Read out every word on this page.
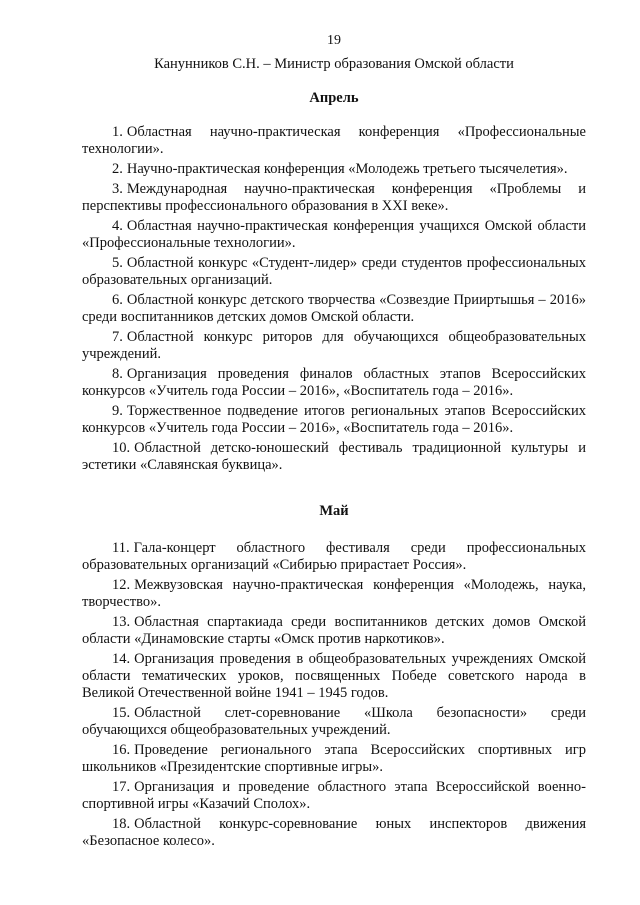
19

Канунников С.Н. – Министр образования Омской области

Апрель
1. Областная научно-практическая конференция «Профессиональные технологии».
2. Научно-практическая конференция «Молодежь третьего тысячелетия».
3. Международная научно-практическая конференция «Проблемы и перспективы профессионального образования в XXI веке».
4. Областная научно-практическая конференция учащихся Омской области «Профессиональные технологии».
5. Областной конкурс «Студент-лидер» среди студентов профессиональных образовательных организаций.
6. Областной конкурс детского творчества «Созвездие Прииртышья – 2016» среди воспитанников детских домов Омской области.
7. Областной конкурс риторов для обучающихся общеобразовательных учреждений.
8. Организация проведения финалов областных этапов Всероссийских конкурсов «Учитель года России – 2016», «Воспитатель года – 2016».
9. Торжественное подведение итогов региональных этапов Всероссийских конкурсов «Учитель года России – 2016», «Воспитатель года – 2016».
10. Областной детско-юношеский фестиваль традиционной культуры и эстетики «Славянская буквица».
Май
11. Гала-концерт областного фестиваля среди профессиональных образовательных организаций «Сибирью прирастает Россия».
12. Межвузовская научно-практическая конференция «Молодежь, наука, творчество».
13. Областная спартакиада среди воспитанников детских домов Омской области «Динамовские старты «Омск против наркотиков».
14. Организация проведения в общеобразовательных учреждениях Омской области тематических уроков, посвященных Победе советского народа в Великой Отечественной войне 1941 – 1945 годов.
15. Областной слет-соревнование «Школа безопасности» среди обучающихся общеобразовательных учреждений.
16. Проведение регионального этапа Всероссийских спортивных игр школьников «Президентские спортивные игры».
17. Организация и проведение областного этапа Всероссийской военно-спортивной игры «Казачий Сполох».
18. Областной конкурс-соревнование юных инспекторов движения «Безопасное колесо».
